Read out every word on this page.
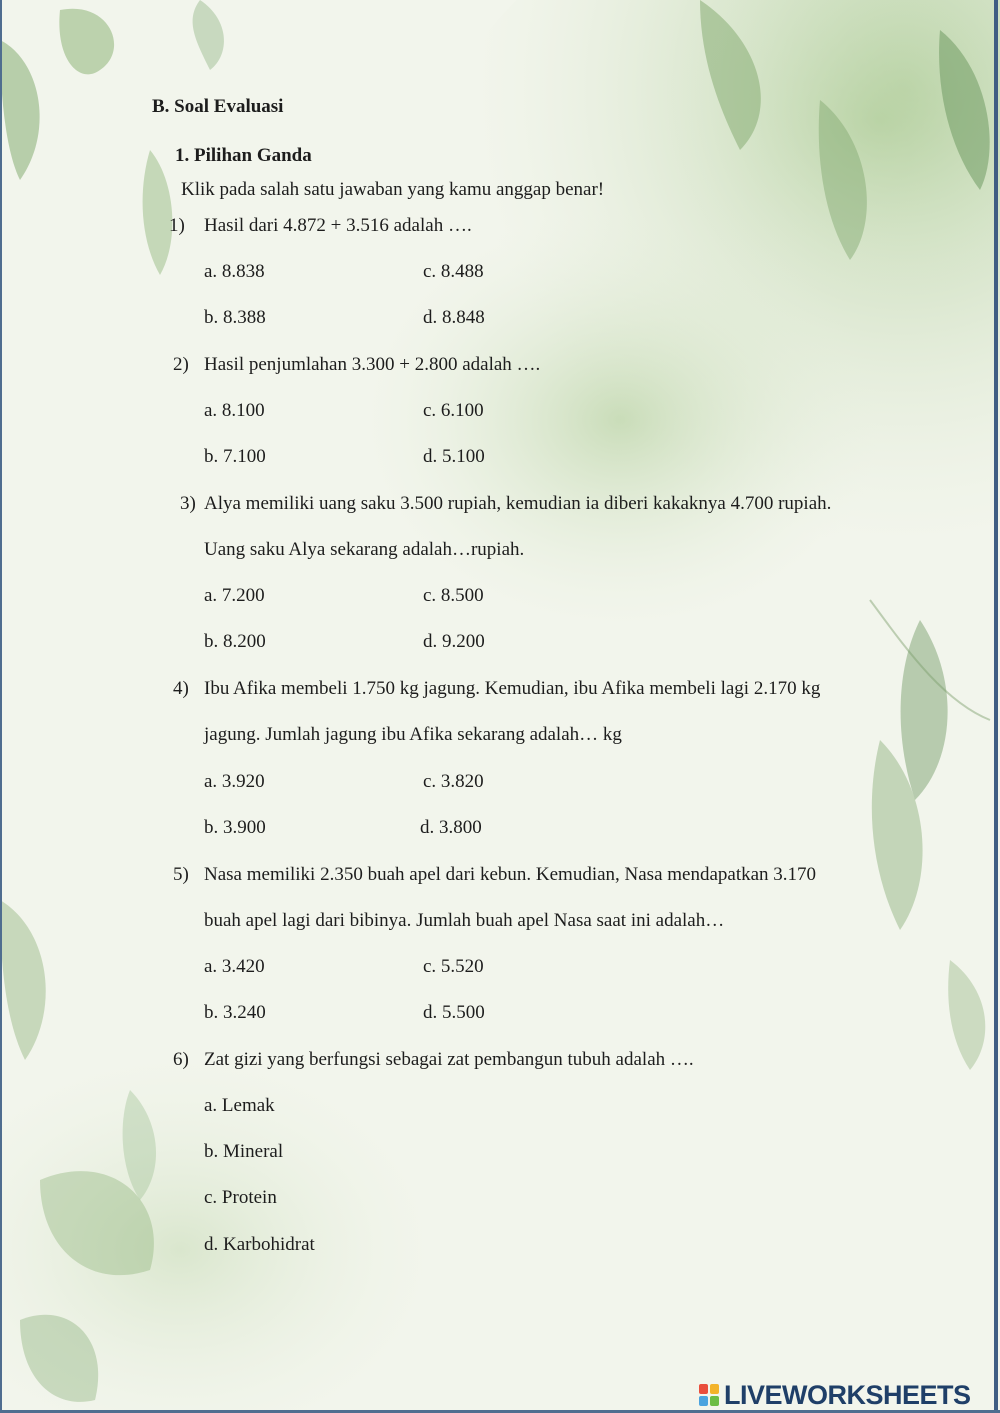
B. Soal Evaluasi
1. Pilihan Ganda
Klik pada salah satu jawaban yang kamu anggap benar!
1) Hasil dari 4.872 + 3.516 adalah ….
a. 8.838	c. 8.488
b. 8.388	d. 8.848
2) Hasil penjumlahan 3.300 + 2.800 adalah ….
a. 8.100	c. 6.100
b. 7.100	d. 5.100
3) Alya memiliki uang saku 3.500 rupiah, kemudian ia diberi kakaknya 4.700 rupiah.
Uang saku Alya sekarang adalah…rupiah.
a. 7.200	c. 8.500
b. 8.200	d. 9.200
4) Ibu Afika membeli 1.750 kg jagung. Kemudian, ibu Afika membeli lagi 2.170 kg
jagung. Jumlah jagung ibu Afika sekarang adalah… kg
a. 3.920	c. 3.820
b. 3.900	d. 3.800
5) Nasa memiliki 2.350 buah apel dari kebun. Kemudian, Nasa mendapatkan 3.170
buah apel lagi dari bibinya. Jumlah buah apel Nasa saat ini adalah…
a. 3.420	c. 5.520
b. 3.240	d. 5.500
6) Zat gizi yang berfungsi sebagai zat pembangun tubuh adalah ….
a. Lemak
b. Mineral
c. Protein
d. Karbohidrat
LIVEWORKSHEETS
